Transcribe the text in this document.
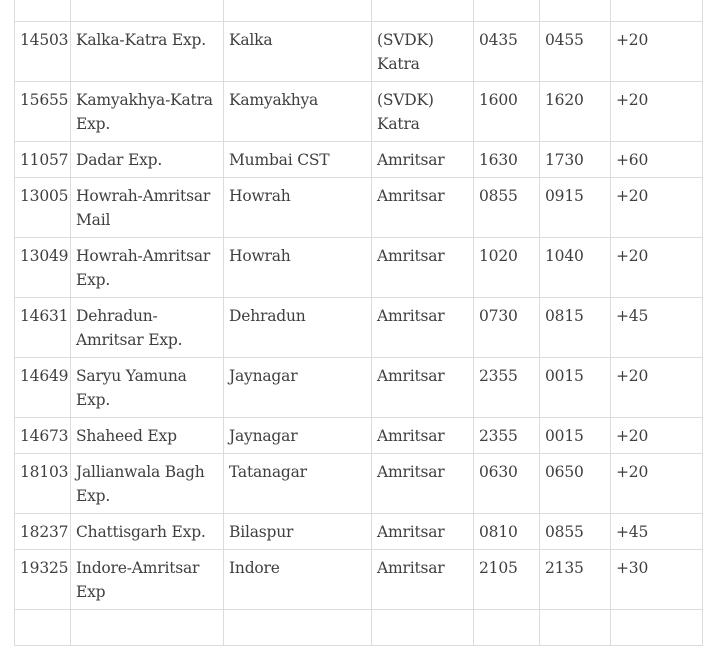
14503	Kalka-Katra Exp.	Kalka	(SVDK) Katra	0435	0455	+20
15655	Kamyakhya-Katra Exp.	Kamyakhya	(SVDK) Katra	1600	1620	+20
11057	Dadar Exp.	Mumbai CST	Amritsar	1630	1730	+60
13005	Howrah-Amritsar Mail	Howrah	Amritsar	0855	0915	+20
13049	Howrah-Amritsar Exp.	Howrah	Amritsar	1020	1040	+20
14631	Dehradun-Amritsar Exp.	Dehradun	Amritsar	0730	0815	+45
14649	Saryu Yamuna Exp.	Jaynagar	Amritsar	2355	0015	+20
14673	Shaheed Exp	Jaynagar	Amritsar	2355	0015	+20
18103	Jallianwala Bagh Exp.	Tatanagar	Amritsar	0630	0650	+20
18237	Chattisgarh Exp.	Bilaspur	Amritsar	0810	0855	+45
19325	Indore-Amritsar Exp	Indore	Amritsar	2105	2135	+30
